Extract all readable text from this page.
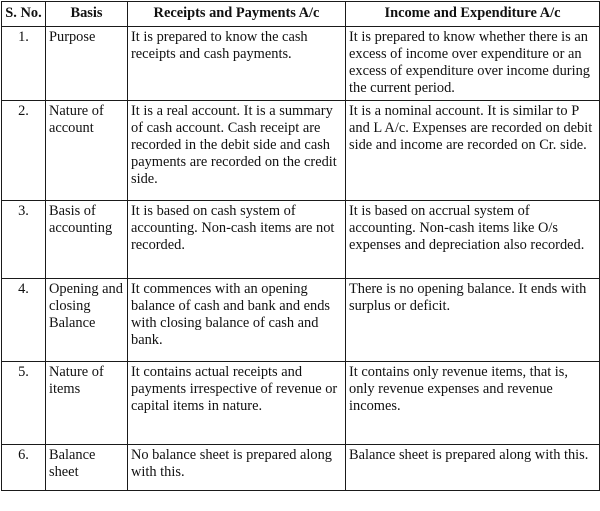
S. No.	Basis	Receipts and Payments A/c	Income and Expenditure A/c
1.	Purpose	It is prepared to know the cash receipts and cash payments.	It is prepared to know whether there is an excess of income over expenditure or an excess of expenditure over income during the current period.
2.	Nature of account	It is a real account. It is a summary of cash account. Cash receipt are recorded in the debit side and cash payments are recorded on the credit side.	It is a nominal account. It is similar to P and L A/c. Expenses are recorded on debit side and income are recorded on Cr. side.
3.	Basis of accounting	It is based on cash system of accounting. Non-cash items are not recorded.	It is based on accrual system of accounting. Non-cash items like O/s expenses and depreciation also recorded.
4.	Opening and closing Balance	It commences with an opening balance of cash and bank and ends with closing balance of cash and bank.	There is no opening balance. It ends with surplus or deficit.
5.	Nature of items	It contains actual receipts and payments irrespective of revenue or capital items in nature.	It contains only revenue items, that is, only revenue expenses and revenue incomes.
6.	Balance sheet	No balance sheet is prepared along with this.	Balance sheet is prepared along with this.
